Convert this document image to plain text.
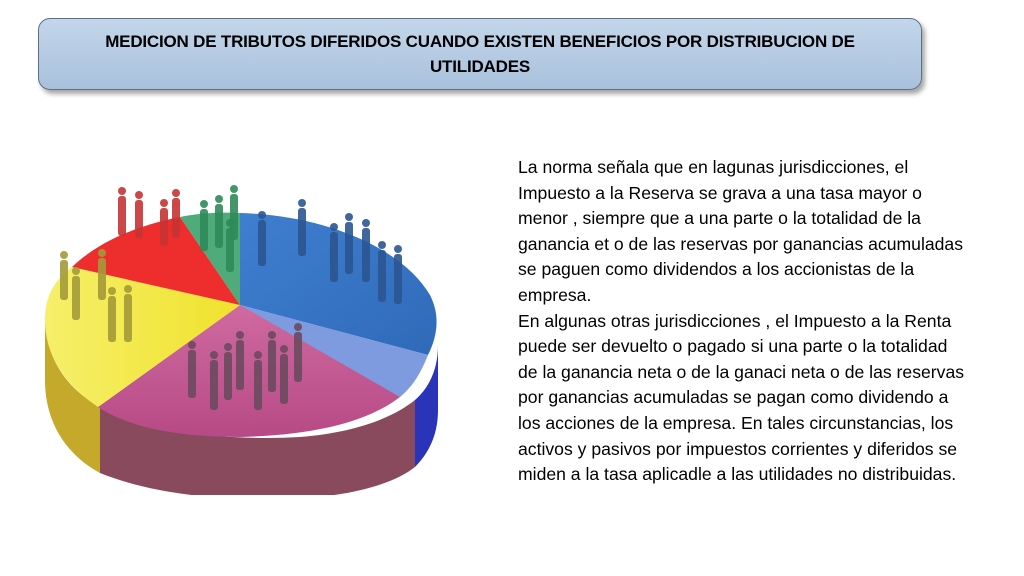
MEDICION DE TRIBUTOS DIFERIDOS CUANDO EXISTEN BENEFICIOS POR DISTRIBUCION DE UTILIDADES

La norma señala que en lagunas jurisdicciones, el Impuesto a la Reserva se grava a una tasa mayor o menor , siempre que a una parte o la totalidad de la ganancia et o de las reservas por ganancias acumuladas se paguen como dividendos a los accionistas de la empresa.

En algunas otras jurisdicciones , el Impuesto a la Renta puede ser devuelto o pagado si una parte o la totalidad de la ganancia neta o de la ganaci neta o de las reservas por ganancias acumuladas se pagan como dividendo a los acciones de la empresa. En tales circunstancias, los activos y pasivos por impuestos corrientes y diferidos se miden a la tasa aplicadle a las utilidades no distribuidas.
